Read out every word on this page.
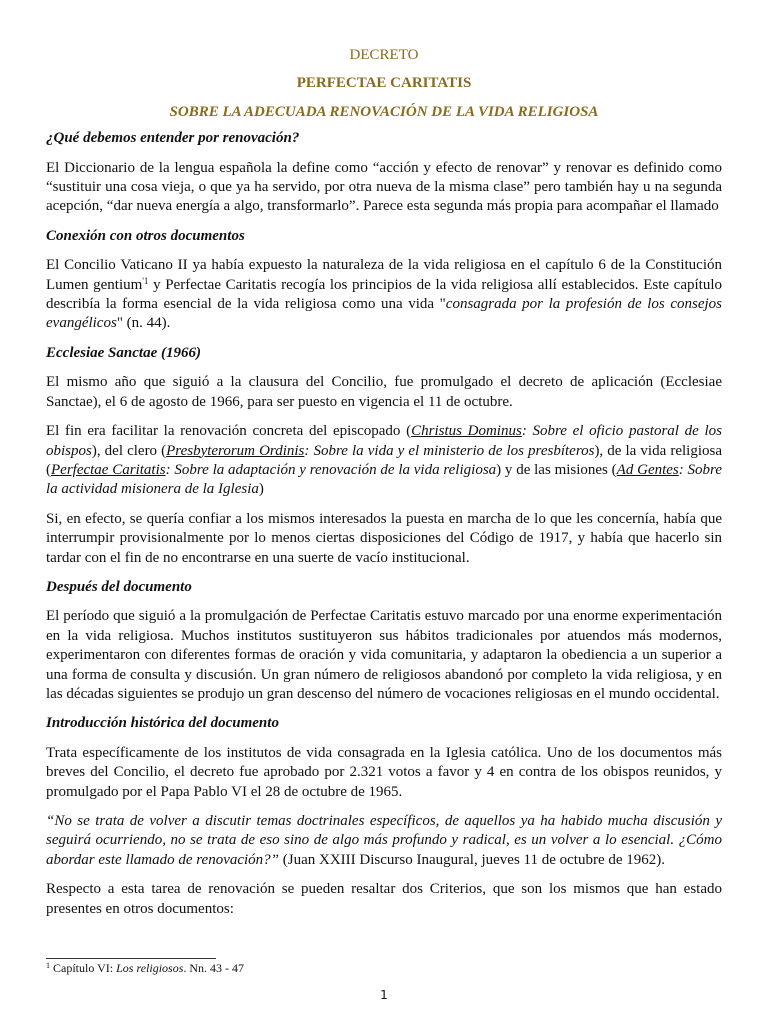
DECRETO
PERFECTAE CARITATIS
SOBRE LA ADECUADA RENOVACIÓN DE LA VIDA RELIGIOSA
¿Qué debemos entender por renovación?

El Diccionario de la lengua española la define como “acción y efecto de renovar” y renovar es definido como “sustituir una cosa vieja, o que ya ha servido, por otra nueva de la misma clase” pero también hay u na segunda acepción, “dar nueva energía a algo, transformarlo”. Parece esta segunda más propia para acompañar el llamado

Conexión con otros documentos

El Concilio Vaticano II ya había expuesto la naturaleza de la vida religiosa en el capítulo 6 de la Constitución Lumen gentium$^{'1}$ y Perfectae Caritatis recogía los principios de la vida religiosa allí establecidos. Este capítulo describía la forma esencial de la vida religiosa como una vida "consagrada por la profesión de los consejos evangélicos" (n. 44).

Ecclesiae Sanctae (1966)

El mismo año que siguió a la clausura del Concilio, fue promulgado el decreto de aplicación (Ecclesiae Sanctae), el 6 de agosto de 1966, para ser puesto en vigencia el 11 de octubre.

El fin era facilitar la renovación concreta del episcopado (Christus Dominus: Sobre el oficio pastoral de los obispos), del clero (Presbyterorum Ordinis: Sobre la vida y el ministerio de los presbíteros), de la vida religiosa (Perfectae Caritatis: Sobre la adaptación y renovación de la vida religiosa) y de las misiones (Ad Gentes: Sobre la actividad misionera de la Iglesia)

Si, en efecto, se quería confiar a los mismos interesados la puesta en marcha de lo que les concernía, había que interrumpir provisionalmente por lo menos ciertas disposiciones del Código de 1917, y había que hacerlo sin tardar con el fin de no encontrarse en una suerte de vacío institucional.

Después del documento

El período que siguió a la promulgación de Perfectae Caritatis estuvo marcado por una enorme experimentación en la vida religiosa. Muchos institutos sustituyeron sus hábitos tradicionales por atuendos más modernos, experimentaron con diferentes formas de oración y vida comunitaria, y adaptaron la obediencia a un superior a una forma de consulta y discusión. Un gran número de religiosos abandonó por completo la vida religiosa, y en las décadas siguientes se produjo un gran descenso del número de vocaciones religiosas en el mundo occidental.

Introducción histórica del documento

Trata específicamente de los institutos de vida consagrada en la Iglesia católica. Uno de los documentos más breves del Concilio, el decreto fue aprobado por 2.321 votos a favor y 4 en contra de los obispos reunidos, y promulgado por el Papa Pablo VI el 28 de octubre de 1965.

“No se trata de volver a discutir temas doctrinales específicos, de aquellos ya ha habido mucha discusión y seguirá ocurriendo, no se trata de eso sino de algo más profundo y radical, es un volver a lo esencial. ¿Cómo abordar este llamado de renovación?” (Juan XXIII Discurso Inaugural, jueves 11 de octubre de 1962).

Respecto a esta tarea de renovación se pueden resaltar dos Criterios, que son los mismos que han estado presentes en otros documentos:

$^1$ Capítulo VI: Los religiosos. Nn. 43 - 47
1
